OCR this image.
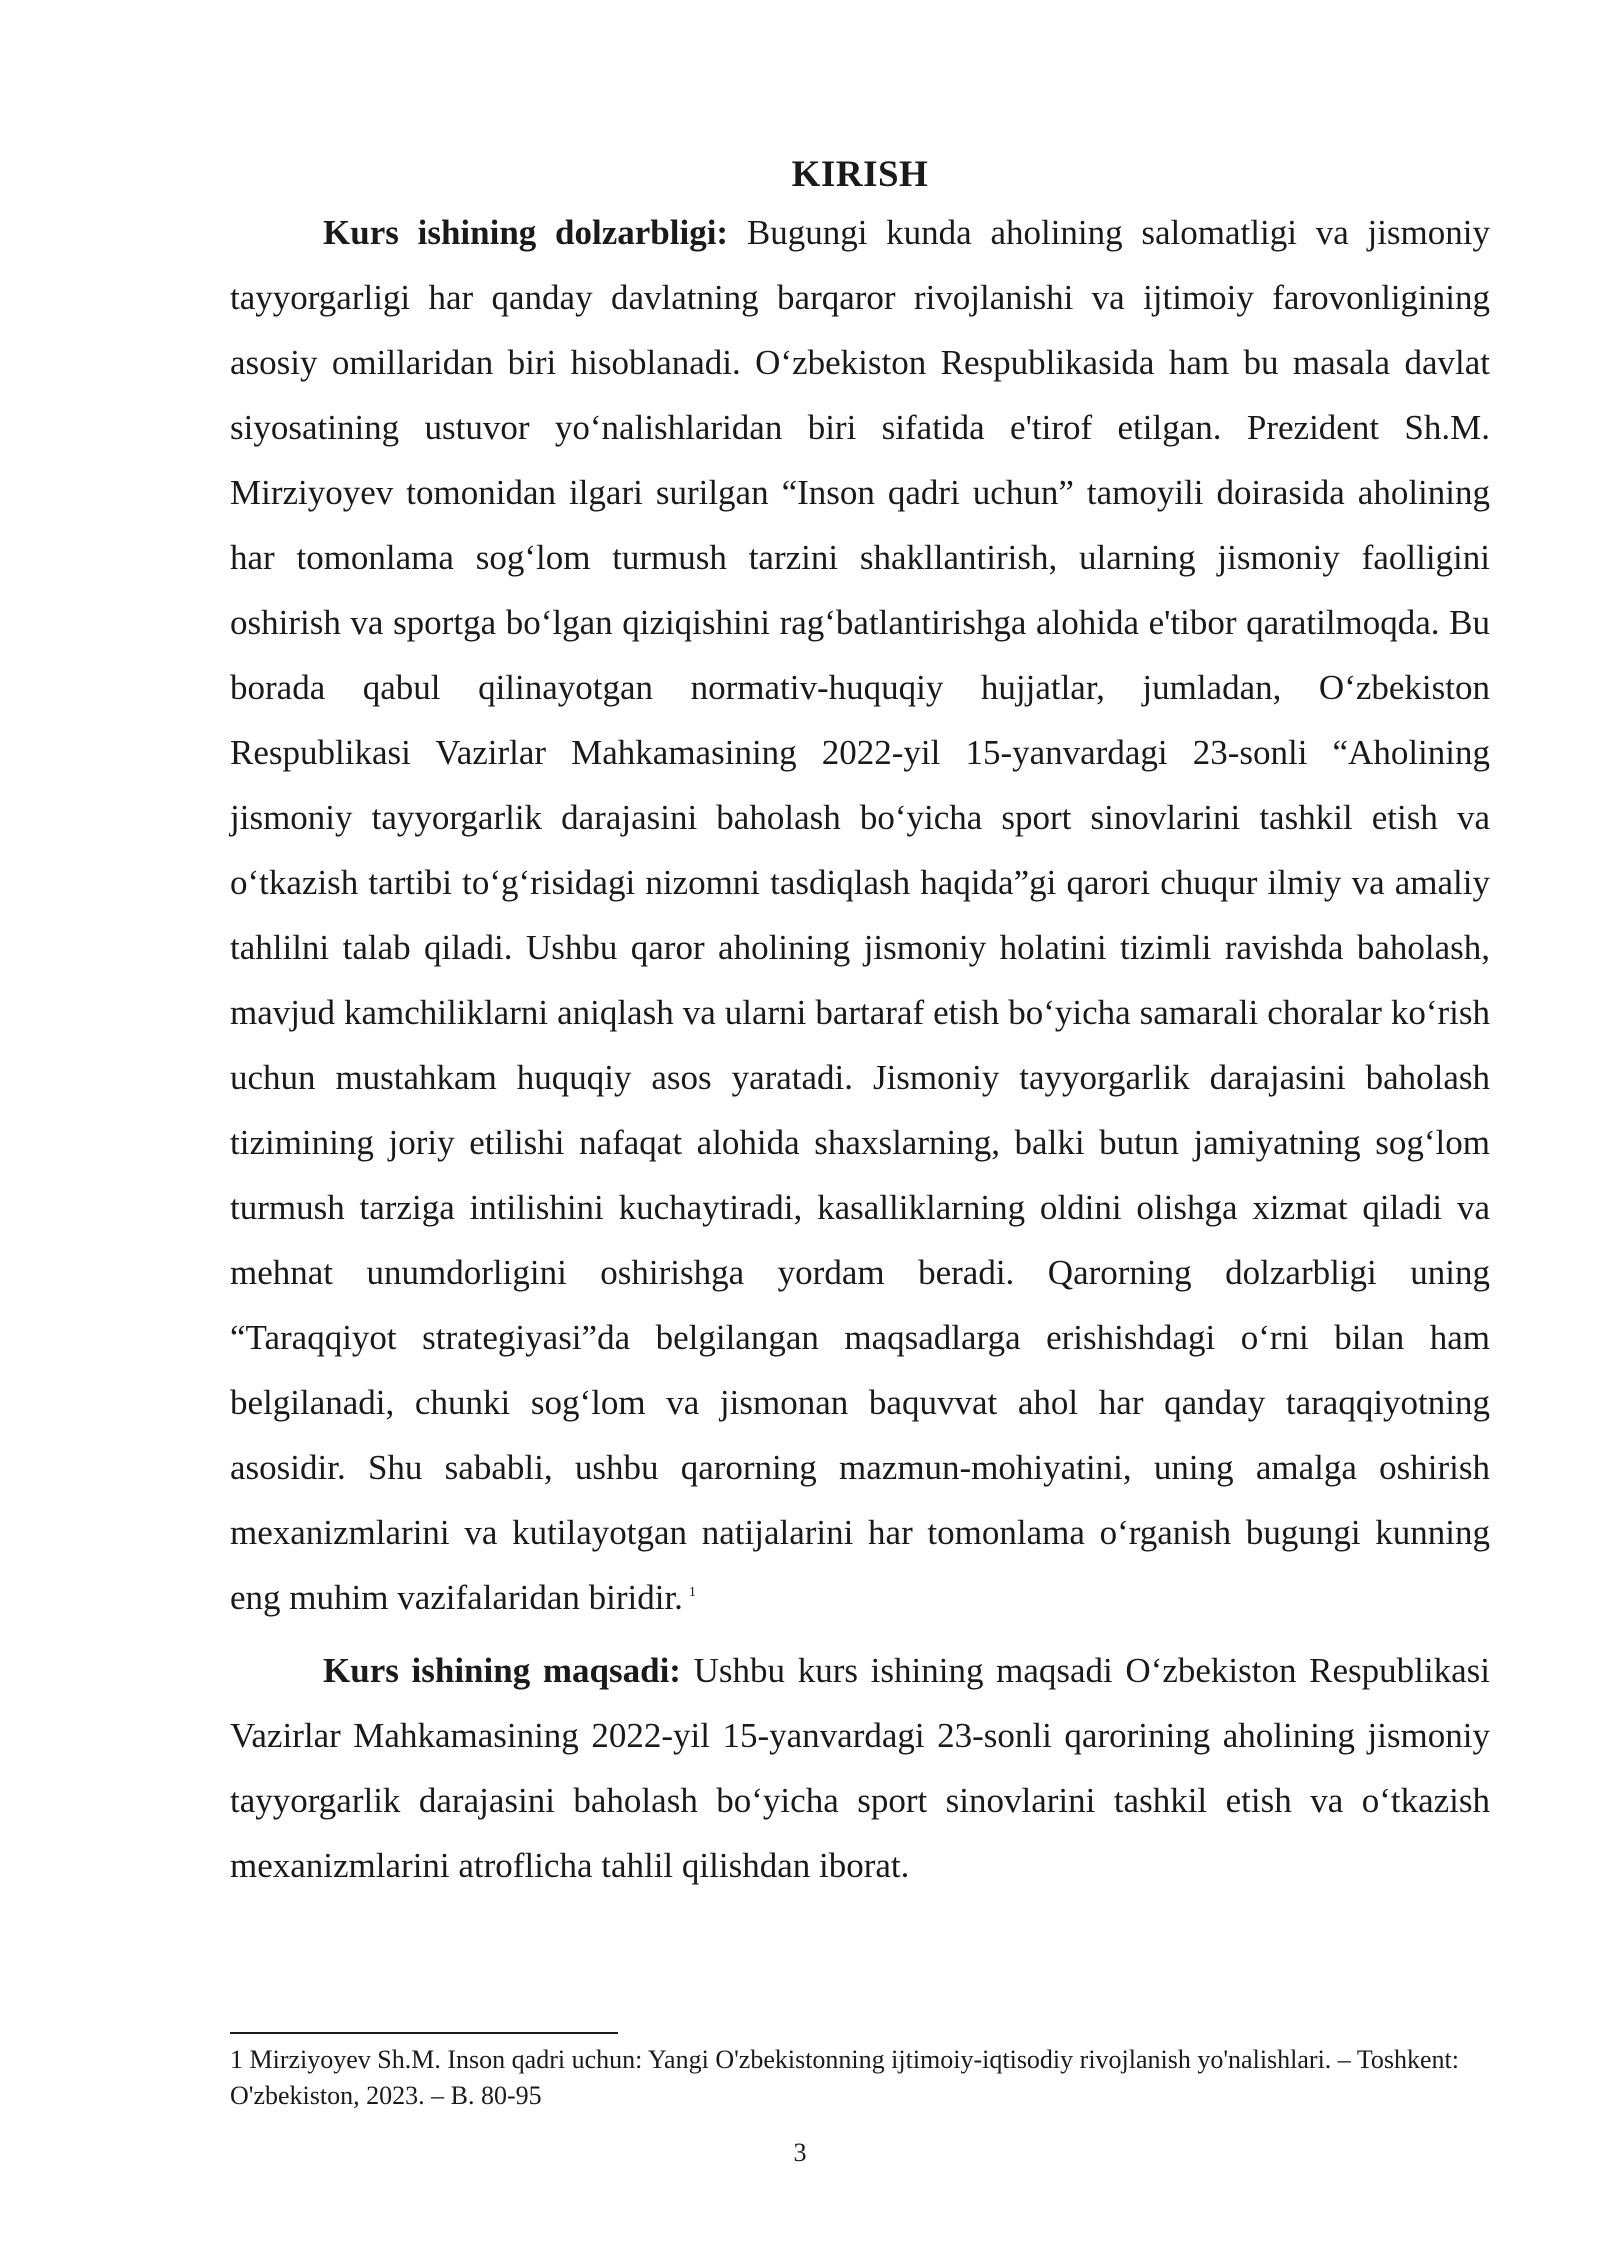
KIRISH

Kurs ishining dolzarbligi: Bugungi kunda aholining salomatligi va jismoniy tayyorgarligi har qanday davlatning barqaror rivojlanishi va ijtimoiy farovonligining asosiy omillaridan biri hisoblanadi. O‘zbekiston Respublikasida ham bu masala davlat siyosatining ustuvor yo‘nalishlaridan biri sifatida e'tirof etilgan. Prezident Sh.M. Mirziyoyev tomonidan ilgari surilgan “Inson qadri uchun” tamoyili doirasida aholining har tomonlama sog‘lom turmush tarzini shakllantirish, ularning jismoniy faolligini oshirish va sportga bo‘lgan qiziqishini rag‘batlantirishga alohida e'tibor qaratilmoqda. Bu borada qabul qilinayotgan normativ-huquqiy hujjatlar, jumladan, O‘zbekiston Respublikasi Vazirlar Mahkamasining 2022-yil 15-yanvardagi 23-sonli “Aholining jismoniy tayyorgarlik darajasini baholash bo‘yicha sport sinovlarini tashkil etish va o‘tkazish tartibi to‘g‘risidagi nizomni tasdiqlash haqida”gi qarori chuqur ilmiy va amaliy tahlilni talab qiladi. Ushbu qaror aholining jismoniy holatini tizimli ravishda baholash, mavjud kamchiliklarni aniqlash va ularni bartaraf etish bo‘yicha samarali choralar ko‘rish uchun mustahkam huquqiy asos yaratadi. Jismoniy tayyorgarlik darajasini baholash tizimining joriy etilishi nafaqat alohida shaxslarning, balki butun jamiyatning sog‘lom turmush tarziga intilishini kuchaytiradi, kasalliklarning oldini olishga xizmat qiladi va mehnat unumdorligini oshirishga yordam beradi. Qarorning dolzarbligi uning “Taraqqiyot strategiyasi”da belgilangan maqsadlarga erishishdagi o‘rni bilan ham belgilanadi, chunki sog‘lom va jismonan baquvvat ahol har qanday taraqqiyotning asosidir. Shu sababli, ushbu qarorning mazmun-mohiyatini, uning amalga oshirish mexanizmlarini va kutilayotgan natijalarini har tomonlama o‘rganish bugungi kunning eng muhim vazifalaridan biridir. $^1$

Kurs ishining maqsadi: Ushbu kurs ishining maqsadi O‘zbekiston Respublikasi Vazirlar Mahkamasining 2022-yil 15-yanvardagi 23-sonli qarorining aholining jismoniy tayyorgarlik darajasini baholash bo‘yicha sport sinovlarini tashkil etish va o‘tkazish mexanizmlarini atroflicha tahlil qilishdan iborat.

1 Mirziyoyev Sh.M. Inson qadri uchun: Yangi O'zbekistonning ijtimoiy-iqtisodiy rivojlanish yo'nalishlari. – Toshkent: O'zbekiston, 2023. – B. 80-95

3
